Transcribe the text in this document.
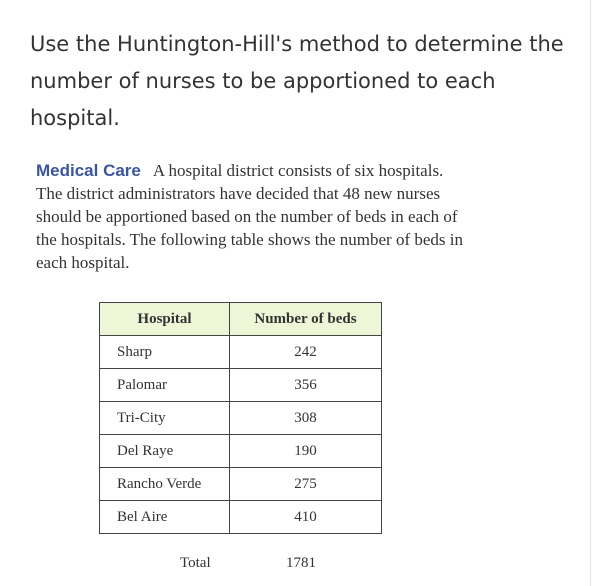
Use the Huntington-Hill's method to determine the number of nurses to be apportioned to each hospital.
Medical Care A hospital district consists of six hospitals. The district administrators have decided that 48 new nurses should be apportioned based on the number of beds in each of the hospitals. The following table shows the number of beds in each hospital.
Hospital	Number of beds
Sharp	242
Palomar	356
Tri-City	308
Del Raye	190
Rancho Verde	275
Bel Aire	410
Total	1781
